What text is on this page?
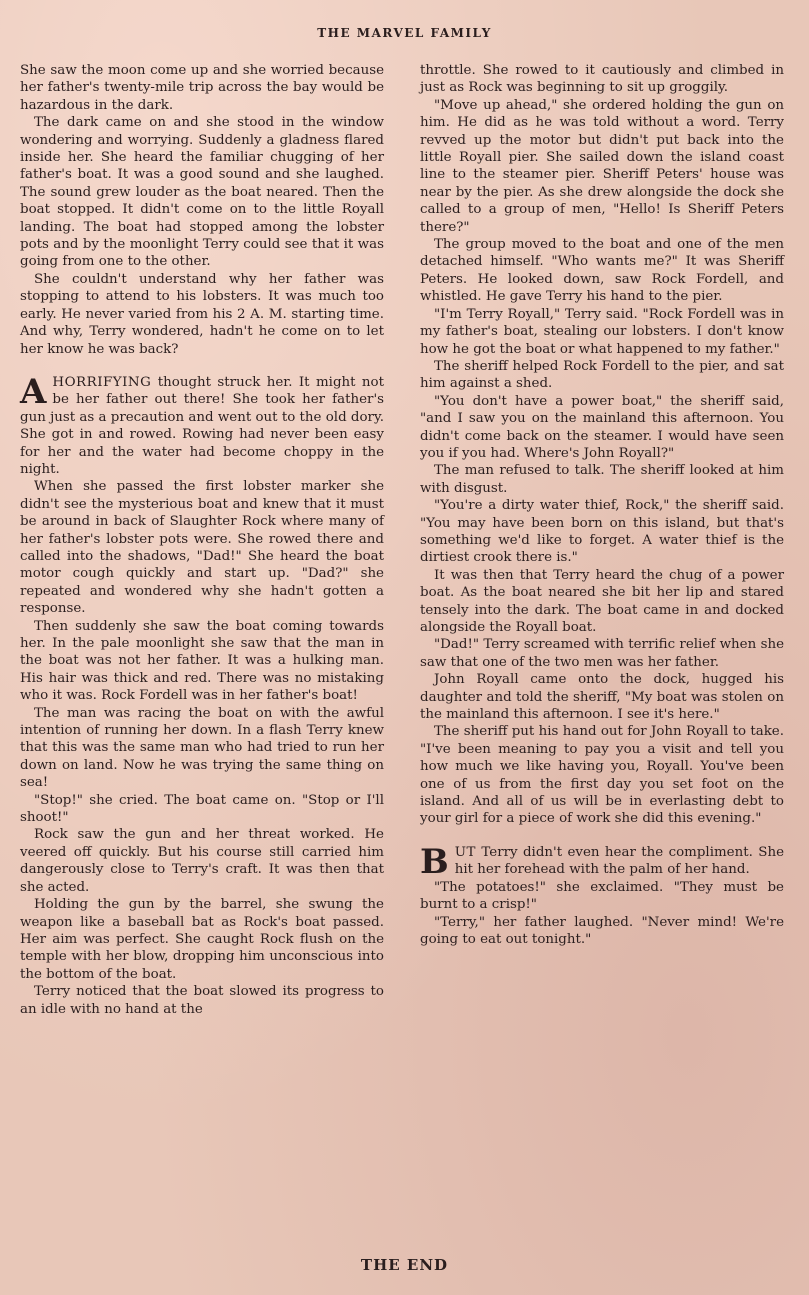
THE MARVEL FAMILY

She saw the moon come up and she worried because her father's twenty-mile trip across the bay would be hazardous in the dark.

The dark came on and she stood in the window wondering and worrying. Suddenly a gladness flared inside her. She heard the familiar chugging of her father's boat. It was a good sound and she laughed. The sound grew louder as the boat neared. Then the boat stopped. It didn't come on to the little Royall landing. The boat had stopped among the lobster pots and by the moonlight Terry could see that it was going from one to the other.

She couldn't understand why her father was stopping to attend to his lobsters. It was much too early. He never varied from his 2 A. M. starting time. And why, Terry wondered, hadn't he come on to let her know he was back?

AHORRIFYING thought struck her. It might not be her father out there! She took her father's gun just as a precaution and went out to the old dory. She got in and rowed. Rowing had never been easy for her and the water had become choppy in the night.

When she passed the first lobster marker she didn't see the mysterious boat and knew that it must be around in back of Slaughter Rock where many of her father's lobster pots were. She rowed there and called into the shadows, "Dad!" She heard the boat motor cough quickly and start up. "Dad?" she repeated and wondered why she hadn't gotten a response.

Then suddenly she saw the boat coming towards her. In the pale moonlight she saw that the man in the boat was not her father. It was a hulking man. His hair was thick and red. There was no mistaking who it was. Rock Fordell was in her father's boat!

The man was racing the boat on with the awful intention of running her down. In a flash Terry knew that this was the same man who had tried to run her down on land. Now he was trying the same thing on sea!

"Stop!" she cried. The boat came on. "Stop or I'll shoot!"

Rock saw the gun and her threat worked. He veered off quickly. But his course still carried him dangerously close to Terry's craft. It was then that she acted.

Holding the gun by the barrel, she swung the weapon like a baseball bat as Rock's boat passed. Her aim was perfect. She caught Rock flush on the temple with her blow, dropping him unconscious into the bottom of the boat.

Terry noticed that the boat slowed its progress to an idle with no hand at the

throttle. She rowed to it cautiously and climbed in just as Rock was beginning to sit up groggily.

"Move up ahead," she ordered holding the gun on him. He did as he was told without a word. Terry revved up the motor but didn't put back into the little Royall pier. She sailed down the island coast line to the steamer pier. Sheriff Peters' house was near by the pier. As she drew alongside the dock she called to a group of men, "Hello! Is Sheriff Peters there?"

The group moved to the boat and one of the men detached himself. "Who wants me?" It was Sheriff Peters. He looked down, saw Rock Fordell, and whistled. He gave Terry his hand to the pier.

"I'm Terry Royall," Terry said. "Rock Fordell was in my father's boat, stealing our lobsters. I don't know how he got the boat or what happened to my father."

The sheriff helped Rock Fordell to the pier, and sat him against a shed.

"You don't have a power boat," the sheriff said, "and I saw you on the mainland this afternoon. You didn't come back on the steamer. I would have seen you if you had. Where's John Royall?"

The man refused to talk. The sheriff looked at him with disgust.

"You're a dirty water thief, Rock," the sheriff said. "You may have been born on this island, but that's something we'd like to forget. A water thief is the dirtiest crook there is."

It was then that Terry heard the chug of a power boat. As the boat neared she bit her lip and stared tensely into the dark. The boat came in and docked alongside the Royall boat.

"Dad!" Terry screamed with terrific relief when she saw that one of the two men was her father.

John Royall came onto the dock, hugged his daughter and told the sheriff, "My boat was stolen on the mainland this afternoon. I see it's here."

The sheriff put his hand out for John Royall to take. "I've been meaning to pay you a visit and tell you how much we like having you, Royall. You've been one of us from the first day you set foot on the island. And all of us will be in everlasting debt to your girl for a piece of work she did this evening."

BUT Terry didn't even hear the compliment. She hit her forehead with the palm of her hand.

"The potatoes!" she exclaimed. "They must be burnt to a crisp!"

"Terry," her father laughed. "Never mind! We're going to eat out tonight."

THE END
